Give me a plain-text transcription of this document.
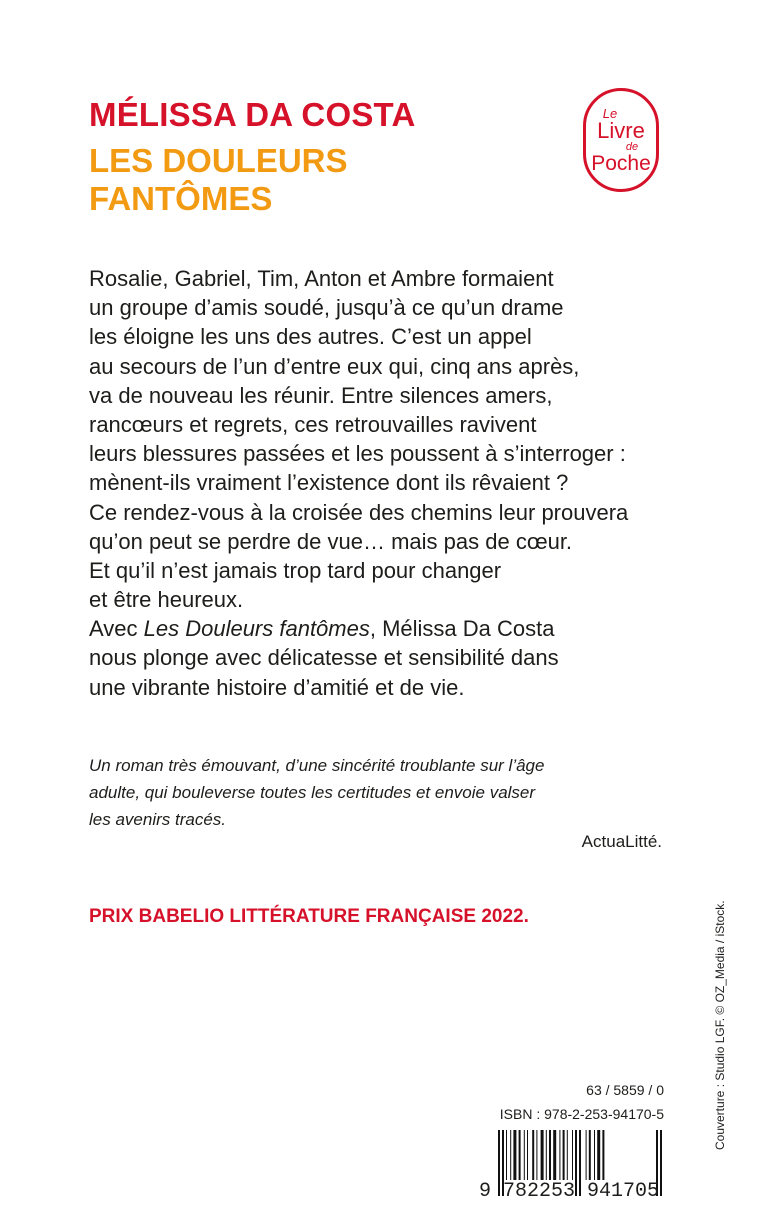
MÉLISSA DA COSTA
LES DOULEURS
FANTÔMES
Le
Livre
de
Poche
Rosalie, Gabriel, Tim, Anton et Ambre formaient
un groupe d’amis soudé, jusqu’à ce qu’un drame
les éloigne les uns des autres. C’est un appel
au secours de l’un d’entre eux qui, cinq ans après,
va de nouveau les réunir. Entre silences amers,
rancœurs et regrets, ces retrouvailles ravivent
leurs blessures passées et les poussent à s’interroger :
mènent-ils vraiment l’existence dont ils rêvaient ?
Ce rendez-vous à la croisée des chemins leur prouvera
qu’on peut se perdre de vue… mais pas de cœur.
Et qu’il n’est jamais trop tard pour changer
et être heureux.
Avec Les Douleurs fantômes, Mélissa Da Costa
nous plonge avec délicatesse et sensibilité dans
une vibrante histoire d’amitié et de vie.
Un roman très émouvant, d’une sincérité troublante sur l’âge
adulte, qui bouleverse toutes les certitudes et envoie valser
les avenirs tracés.
ActuaLitté.
PRIX BABELIO LITTÉRATURE FRANÇAISE 2022.	Couverture : Studio LGF. © OZ_Media / iStock.
63 / 5859 / 0
ISBN : 978-2-253-94170-5
9 782253 941705
